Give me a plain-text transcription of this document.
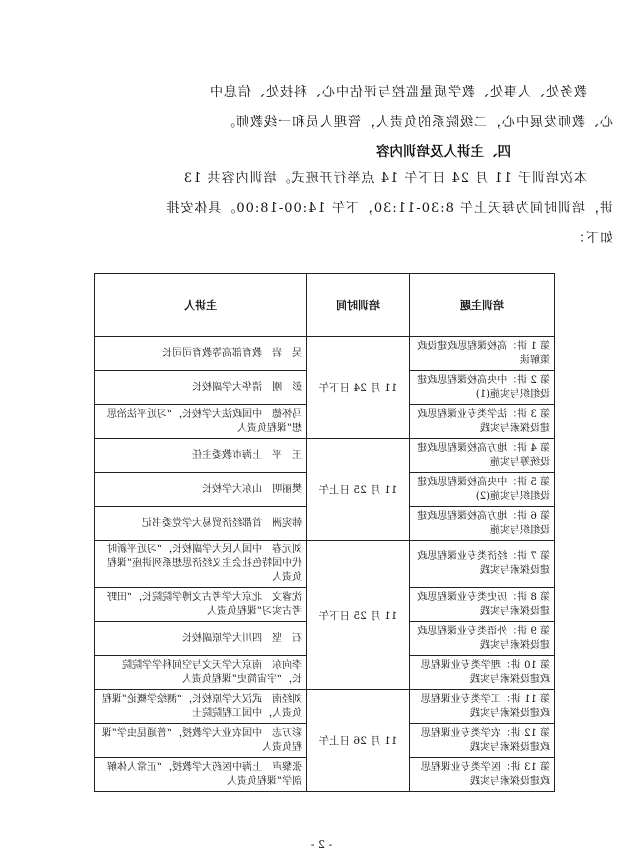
教务处、人事处、教学质量监控与评估中心、科技处、信息中
心、教师发展中心，二级院系的负责人，管理人员和一线教师。
四、主讲人及培训内容
本次培训于 11 月 24 日下午 14 点举行开班式。培训内容共 13
讲，培训时间为每天上午 8:30-11:30，下午 14:00-18:00。具体安排
如下：
培训主题	培训时间	主讲人
第 1 讲：高校课程思政建设政策解读	11 月 24 日下午	吴　岩　教育部高等教育司司长
第 2 讲：中央高校课程思政建设组织与实施(1)		彭　刚　清华大学副校长
第 3 讲：法学类专业课程思政建设探索与实践		马怀德　中国政法大学校长，“习近平法治思想”课程负责人
第 4 讲：地方高校课程思政建设统筹与实施	11 月 25 日上午	王　平　上海市教委主任
第 5 讲：中央高校课程思政建设组织与实施(2)		樊丽明　山东大学校长
第 6 讲：地方高校课程思政建设组织与实施		韩宪洲　首都经济贸易大学党委书记
第 7 讲：经济类专业课程思政建设探索与实践	11 月 25 日下午	刘元春　中国人民大学副校长，“习近平新时代中国特色社会主义经济思想系列讲座”课程负责人
第 8 讲：历史类专业课程思政建设探索与实践		沈睿文　北京大学考古文博学院院长，“田野考古实习”课程负责人
第 9 讲：外语类专业课程思政建设探索与实践		石　坚　四川大学原副校长
第 10 讲：理学类专业课程思政建设探索与实践		李向东　南京大学天文与空间科学学院院长，“宇宙简史”课程负责人
第 11 讲：工学类专业课程思政建设探索与实践	11 月 26 日上午	刘经南　武汉大学原校长，“测绘学概论”课程负责人，中国工程院院士
第 12 讲：农学类专业课程思政建设探索与实践		彩万志　中国农业大学教授，“普通昆虫学”课程负责人
第 13 讲：医学类专业课程思政建设探索与实践		张黎声　上海中医药大学教授，“正常人体解剖学”课程负责人
- 2 -
